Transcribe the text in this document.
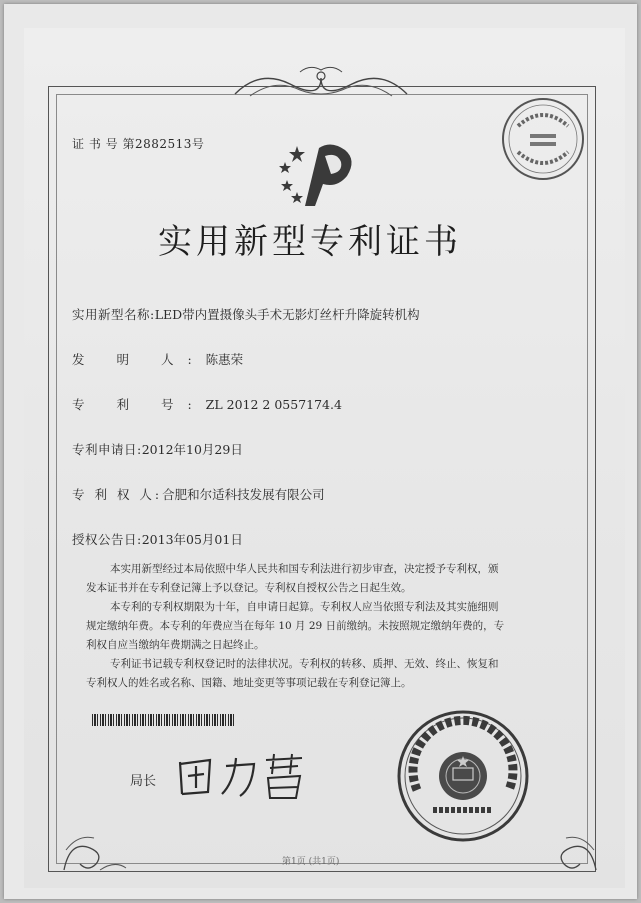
证 书 号 第2882513号
实用新型专利证书
实用新型名称:LED带内置摄像头手术无影灯丝杆升降旋转机构
发 明 人:陈惠荣
专 利 号:ZL 2012 2 0557174.4
专利申请日:2012年10月29日
专 利 权 人:合肥和尔适科技发展有限公司
授权公告日:2013年05月01日
本实用新型经过本局依照中华人民共和国专利法进行初步审查，决定授予专利权，颁
发本证书并在专利登记簿上予以登记。专利权自授权公告之日起生效。
本专利的专利权期限为十年，自申请日起算。专利权人应当依照专利法及其实施细则
规定缴纳年费。本专利的年费应当在每年 10 月 29 日前缴纳。未按照规定缴纳年费的，专
利权自应当缴纳年费期满之日起终止。
专利证书记载专利权登记时的法律状况。专利权的转移、质押、无效、终止、恢复和
专利权人的姓名或名称、国籍、地址变更等事项记载在专利登记簿上。
局长
第1页 (共1页)
